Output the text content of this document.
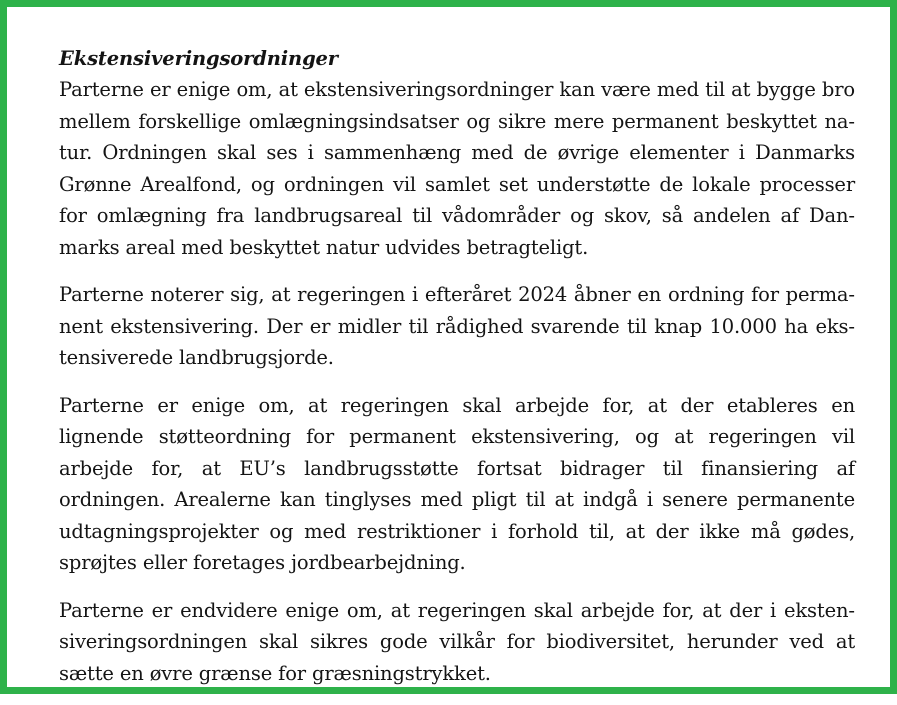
Ekstensiveringsordninger

Parterne er enige om, at ekstensiveringsordninger kan være med til at bygge bro mellem forskellige omlægningsindsatser og sikre mere permanent beskyttet natur. Ordningen skal ses i sammenhæng med de øvrige elementer i Danmarks Grønne Arealfond, og ordningen vil samlet set understøtte de lokale processer for omlægning fra landbrugsareal til vådområder og skov, så andelen af Danmarks areal med beskyttet natur udvides betragteligt.

Parterne noterer sig, at regeringen i efteråret 2024 åbner en ordning for permanent ekstensivering. Der er midler til rådighed svarende til knap 10.000 ha ekstensiverede landbrugsjorde.

Parterne er enige om, at regeringen skal arbejde for, at der etableres en lignende støtteordning for permanent ekstensivering, og at regeringen vil arbejde for, at EU’s landbrugsstøtte fortsat bidrager til finansiering af ordningen. Arealerne kan tinglyses med pligt til at indgå i senere permanente udtagningsprojekter og med restriktioner i forhold til, at der ikke må gødes, sprøjtes eller foretages jordbearbejdning.

Parterne er endvidere enige om, at regeringen skal arbejde for, at der i ekstensiveringsordningen skal sikres gode vilkår for biodiversitet, herunder ved at sætte en øvre grænse for græsningstrykket.
